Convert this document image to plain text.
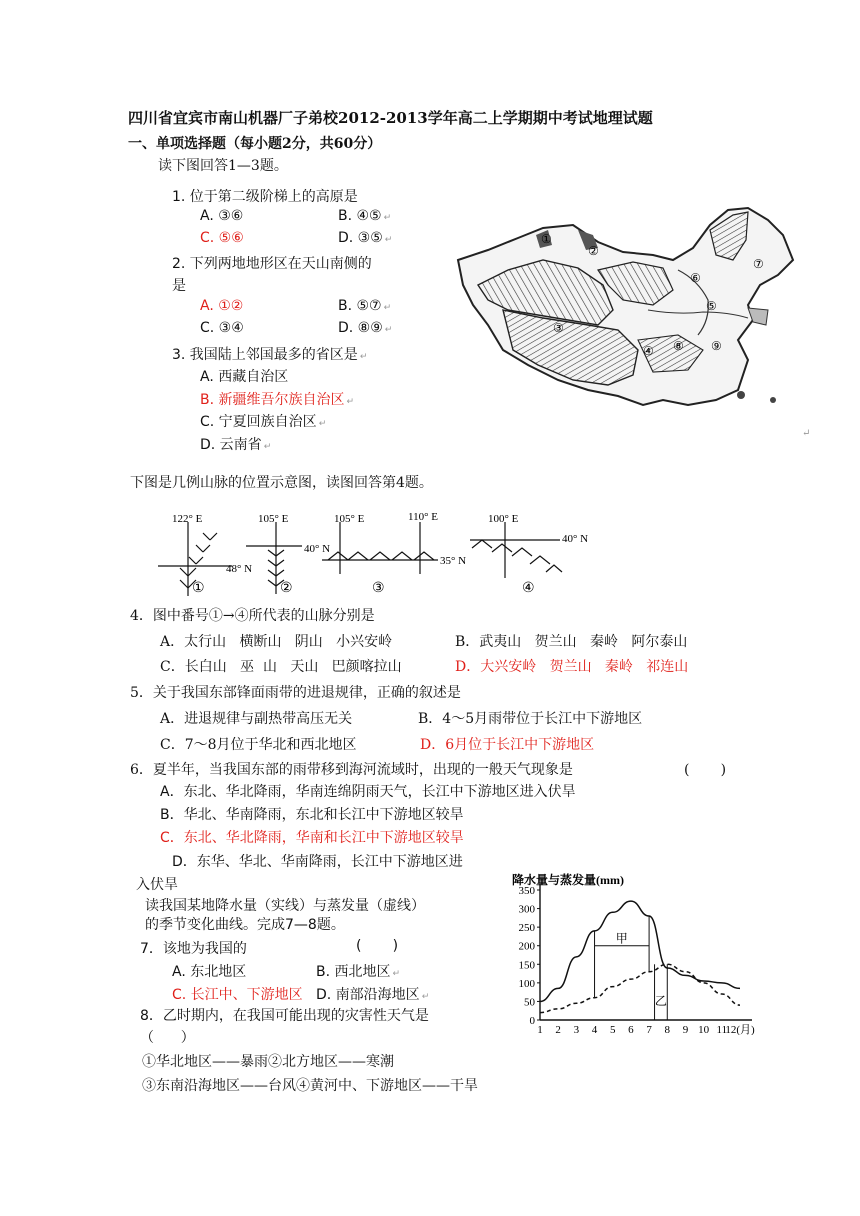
四川省宜宾市南山机器厂子弟校2012-2013学年高二上学期期中考试地理试题
一、单项选择题（每小题2分，共60分）
读下图回答1—3题。
1. 位于第二级阶梯上的高原是
A. ③⑥	B. ④⑤ ↵
C. ⑤⑥	D. ③⑤ ↵
2. 下列两地地形区在天山南侧的
是
A. ①②	B. ⑤⑦ ↵
C. ③④	D. ⑧⑨ ↵
3. 我国陆上邻国最多的省区是 ↵
A. 西藏自治区
B. 新疆维吾尔族自治区 ↵
C. 宁夏回族自治区 ↵
D. 云南省 ↵
①
②
③
④
⑤
⑥
⑦
⑧ ⑨
↵
下图是几例山脉的位置示意图，读图回答第4题。
122° E
48° N
①
105° E
40° N
②
105° E	110° E
35° N
③
100° E
40° N
④
4．图中番号①→④所代表的山脉分别是
A．太行山   横断山   阴山   小兴安岭	B．武夷山   贺兰山   秦岭   阿尔泰山
C．长白山   巫  山   天山   巴颜喀拉山	D．大兴安岭   贺兰山   秦岭   祁连山
5．关于我国东部锋面雨带的进退规律，正确的叙述是
A．进退规律与副热带高压无关	B．4～5月雨带位于长江中下游地区
C．7～8月位于华北和西北地区	D．6月位于长江中下游地区
6．夏半年，当我国东部的雨带移到海河流域时，出现的一般天气现象是	(       )
A．东北、华北降雨，华南连绵阴雨天气，长江中下游地区进入伏旱
B．华北、华南降雨，东北和长江中下游地区较旱
C．东北、华北降雨，华南和长江中下游地区较旱
D．东华、华北、华南降雨，长江中下游地区进
入伏旱
读我国某地降水量（实线）与蒸发量（虚线）
的季节变化曲线。完成7—8题。
7．该地为我国的	(       )
A. 东北地区	B. 西北地区 ↵
C. 长江中、下游地区 D. 南部沿海地区 ↵
8．乙时期内，在我国可能出现的灾害性天气是
（      ）
①华北地区——暴雨②北方地区——寒潮
③东南沿海地区——台风④黄河中、下游地区——干旱
降水量与蒸发量(mm)
0
50
100
150
200
250
300
350
1 2 3 4 5 6 7 8 9 10 11
12(月)
甲
乙
